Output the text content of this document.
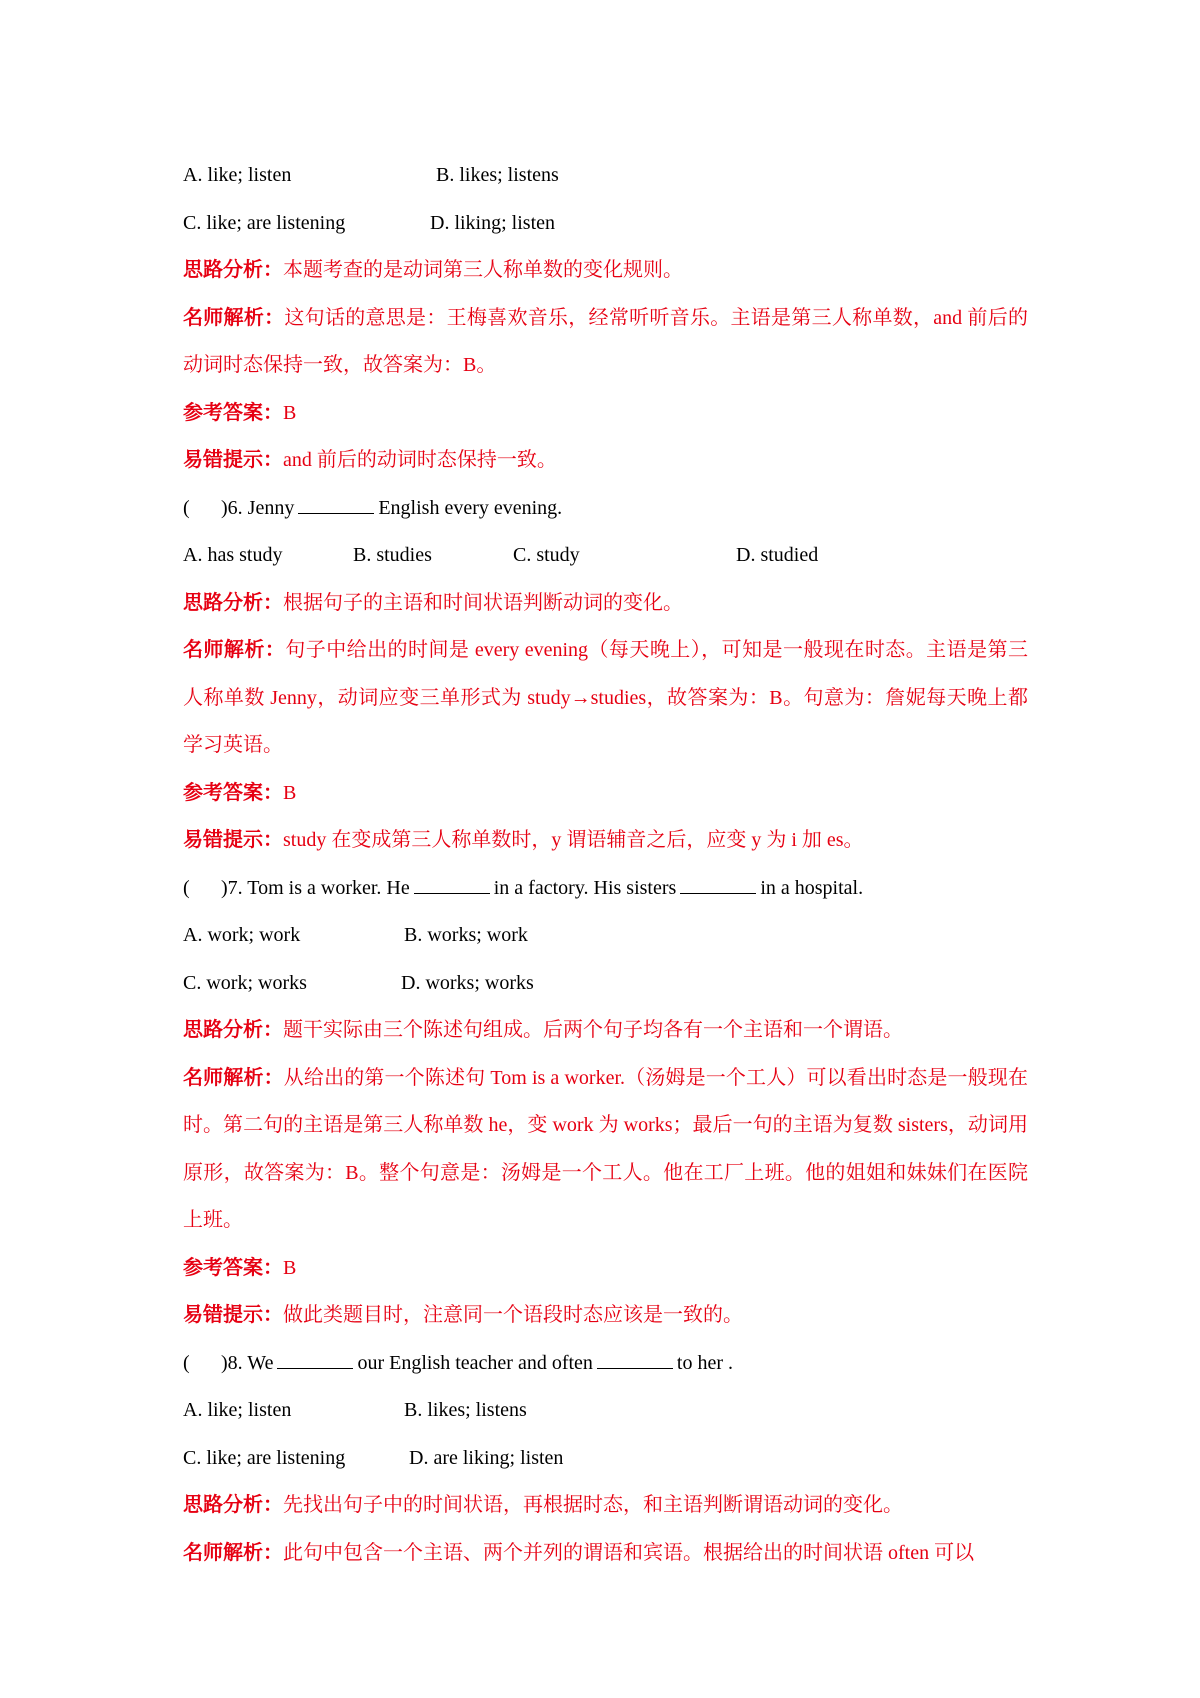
A. like; listen	B. likes; listens
C. like; are listening	D. liking; listen
思路分析：本题考查的是动词第三人称单数的变化规则。
名师解析：这句话的意思是：王梅喜欢音乐，经常听听音乐。主语是第三人称单数，and 前后的动词时态保持一致，故答案为：B。
参考答案：B
易错提示：and 前后的动词时态保持一致。
( )6. Jenny	English every evening.
A. has study	B. studies	C. study	D. studied
思路分析：根据句子的主语和时间状语判断动词的变化。
名师解析：句子中给出的时间是 every evening（每天晚上），可知是一般现在时态。主语是第三人称单数 Jenny，动词应变三单形式为 study→studies，故答案为：B。句意为：詹妮每天晚上都学习英语。
参考答案：B
易错提示：study 在变成第三人称单数时，y 谓语辅音之后，应变 y 为 i 加 es。
( )7. Tom is a worker. He	in a factory. His sisters	in a hospital.
A. work; work	B. works; work
C. work; works	D. works; works
思路分析：题干实际由三个陈述句组成。后两个句子均各有一个主语和一个谓语。
名师解析：从给出的第一个陈述句 Tom is a worker.（汤姆是一个工人）可以看出时态是一般现在时。第二句的主语是第三人称单数 he，变 work 为 works；最后一句的主语为复数 sisters，动词用原形，故答案为：B。整个句意是：汤姆是一个工人。他在工厂上班。他的姐姐和妹妹们在医院上班。
参考答案：B
易错提示：做此类题目时，注意同一个语段时态应该是一致的。
( )8. We	our English teacher and often	to her .
A. like; listen	B. likes; listens
C. like; are listening	D. are liking; listen
思路分析：先找出句子中的时间状语，再根据时态，和主语判断谓语动词的变化。
名师解析：此句中包含一个主语、两个并列的谓语和宾语。根据给出的时间状语 often 可以
